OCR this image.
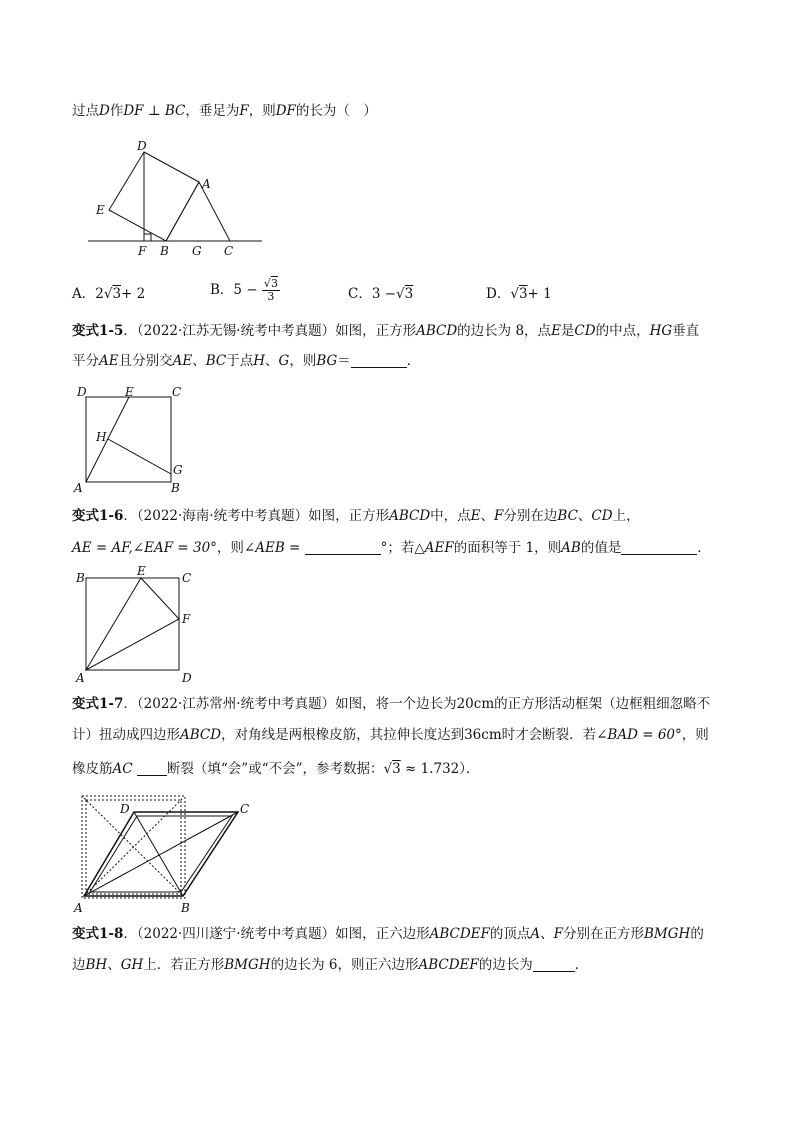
过点D作DF ⊥ BC，垂足为F，则DF的长为（　）
D
A
E
F B G C
A．2√3+ 2	B．$5 - \frac{√3}{3}$	C．3 −√3	D．√3+ 1
变式1-5．（2022·江苏无锡·统考中考真题）如图，正方形ABCD的边长为 8，点E是CD的中点，HG垂直
平分AE且分别交AE、BC于点H、G，则BG＝	．
D	E	C
H
G
A	B
变式1-6．（2022·海南·统考中考真题）如图，正方形ABCD中，点E、F分别在边BC、CD上，
AE = AF,∠EAF = 30°，则∠AEB =	°；若△AEF的面积等于 1，则AB的值是	．
B	E	C
F
A	D
变式1-7．（2022·江苏常州·统考中考真题）如图，将一个边长为20cm的正方形活动框架（边框粗细忽略不
计）扭动成四边形ABCD，对角线是两根橡皮筋，其拉伸长度达到36cm时才会断裂．若∠BAD = 60°，则
橡皮筋AC	断裂（填“会”或“不会”，参考数据：√3 ≈ 1.732）．
D	C
A	B
变式1-8．（2022·四川遂宁·统考中考真题）如图，正六边形ABCDEF的顶点A、F分别在正方形BMGH的
边BH、GH上．若正方形BMGH的边长为 6，则正六边形ABCDEF的边长为	．
